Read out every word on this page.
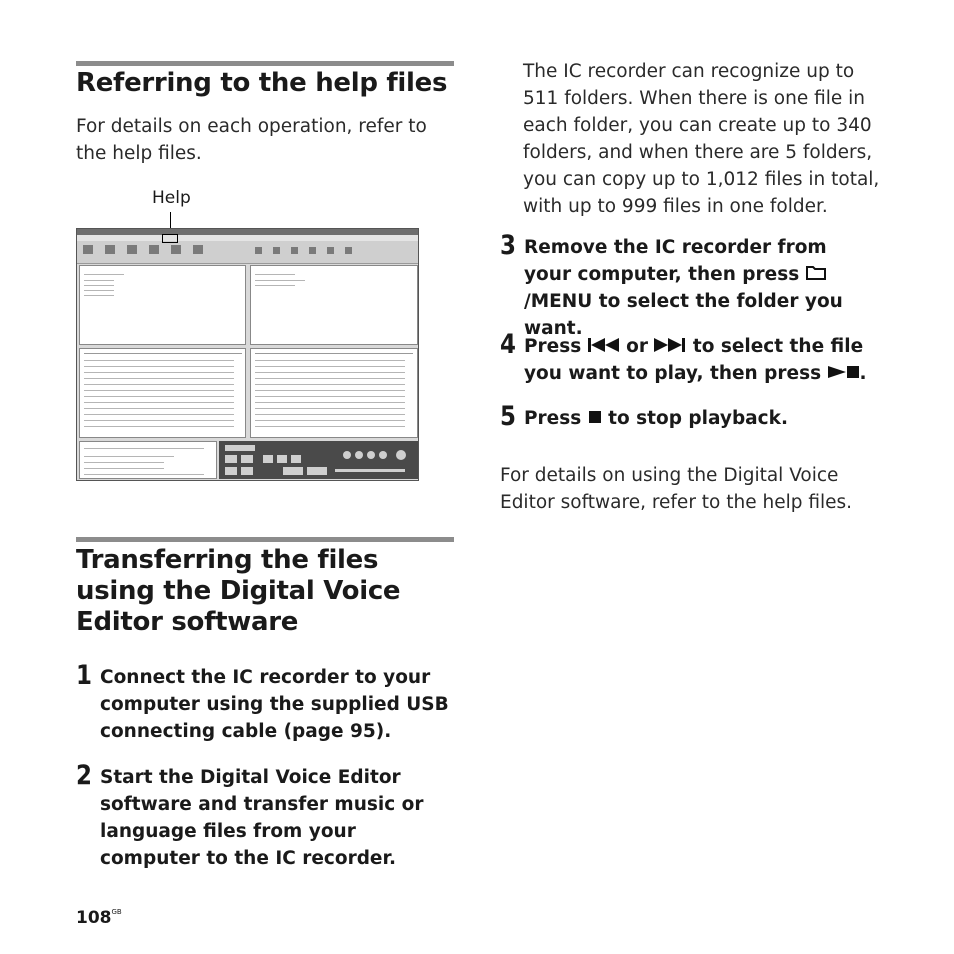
Referring to the help files

For details on each operation, refer to the help files.

Help
Transferring the files using the Digital Voice Editor software
1 Connect the IC recorder to your computer using the supplied USB connecting cable (page 95).
2 Start the Digital Voice Editor software and transfer music or language files from your computer to the IC recorder.

The IC recorder can recognize up to 511 folders. When there is one file in each folder, you can create up to 340 folders, and when there are 5 folders, you can copy up to 1,012 files in total, with up to 999 files in one folder.

3 Remove the IC recorder from your computer, then press /MENU to select the folder you want.
4 Press  or  to select the file you want to play, then press .
5 Press  to stop playback.

For details on using the Digital Voice Editor software, refer to the help files.

$108^{GB}$
